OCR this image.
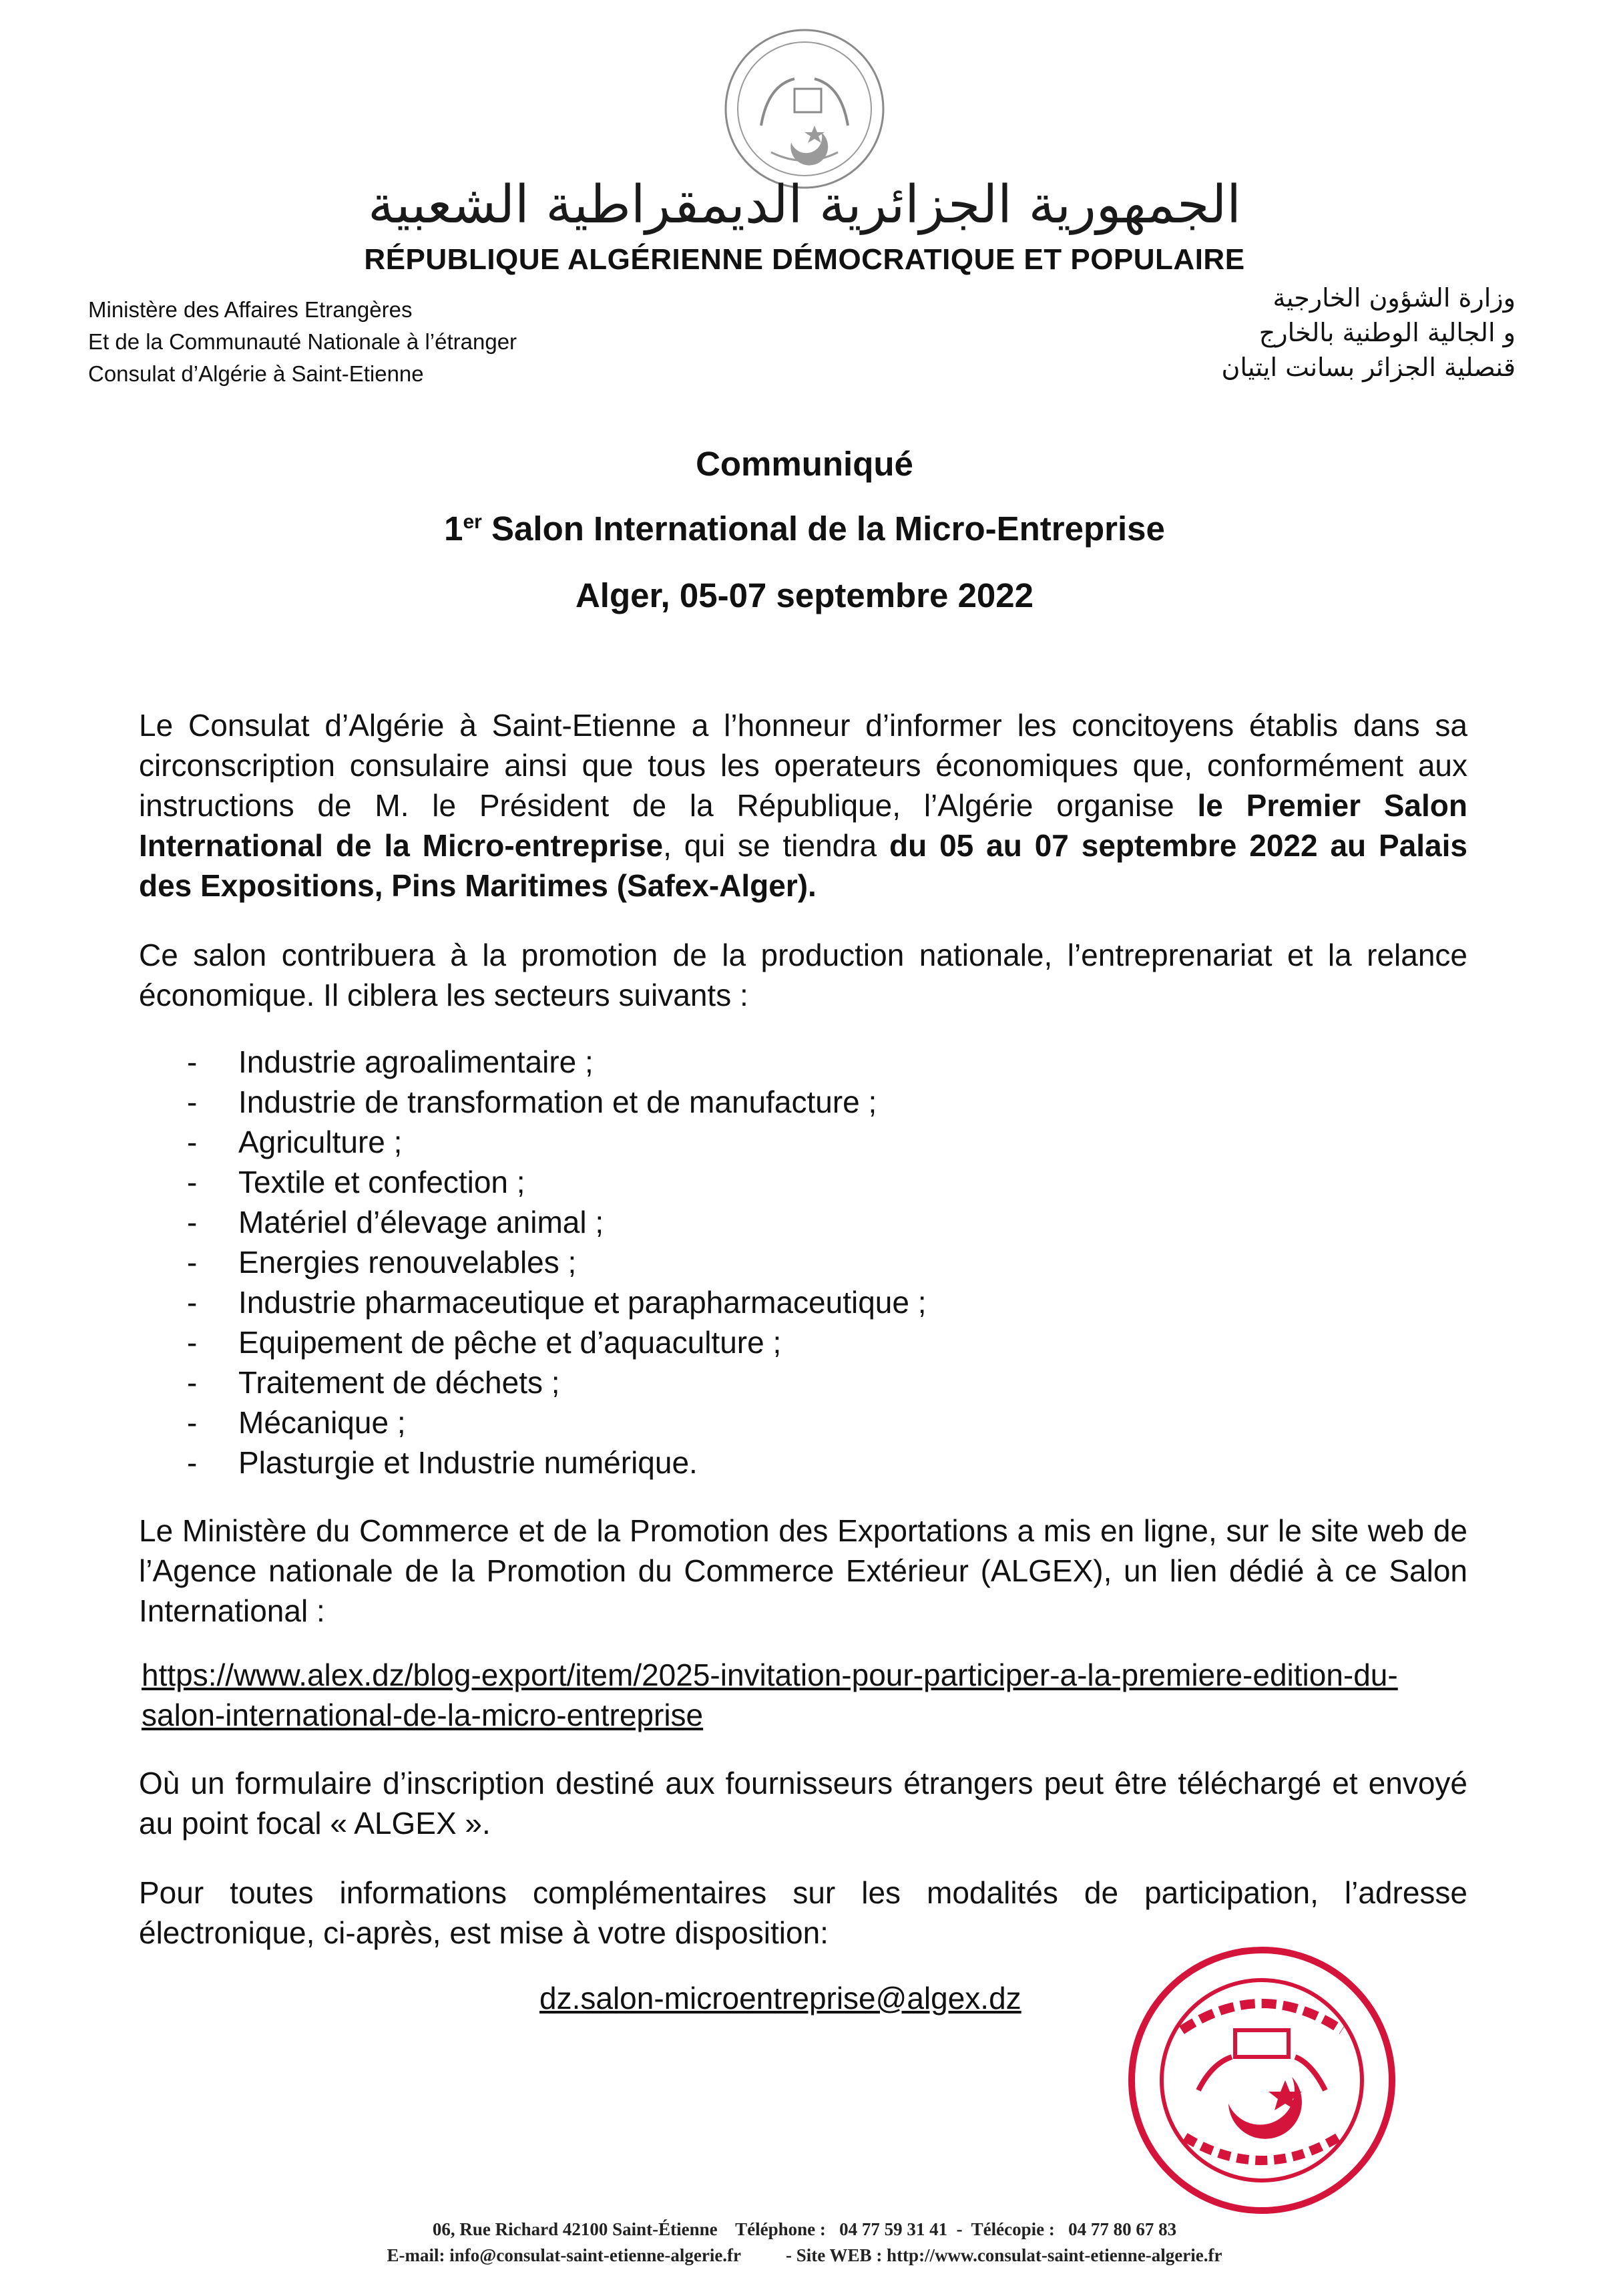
الجمهورية الجزائرية الديمقراطية الشعبية
RÉPUBLIQUE ALGÉRIENNE DÉMOCRATIQUE ET POPULAIRE
Ministère des Affaires Etrangères
Et de la Communauté Nationale à l’étranger
Consulat d’Algérie à Saint-Etienne
وزارة الشؤون الخارجية
و الجالية الوطنية بالخارج
قنصلية الجزائر بسانت ايتيان
Communiqué
1er Salon International de la Micro-Entreprise
Alger, 05-07 septembre 2022

Le Consulat d’Algérie à Saint-Etienne a l’honneur d’informer les concitoyens établis dans sa circonscription consulaire ainsi que tous les operateurs économiques que, conformément aux instructions de M. le Président de la République, l’Algérie organise le Premier Salon International de la Micro-entreprise, qui se tiendra du 05 au 07 septembre 2022 au Palais des Expositions, Pins Maritimes (Safex-Alger).

Ce salon contribuera à la promotion de la production nationale, l’entreprenariat et la relance économique. Il ciblera les secteurs suivants :

-	Industrie agroalimentaire ;
-	Industrie de transformation et de manufacture ;
-	Agriculture ;
-	Textile et confection ;
-	Matériel d’élevage animal ;
-	Energies renouvelables ;
-	Industrie pharmaceutique et parapharmaceutique ;
-	Equipement de pêche et d’aquaculture ;
-	Traitement de déchets ;
-	Mécanique ;
-	Plasturgie et Industrie numérique.

Le Ministère du Commerce et de la Promotion des Exportations a mis en ligne, sur le site web de l’Agence nationale de la Promotion du Commerce Extérieur (ALGEX), un lien dédié à ce Salon International :

https://www.alex.dz/blog-export/item/2025-invitation-pour-participer-a-la-premiere-edition-du-salon-international-de-la-micro-entreprise

Où un formulaire d’inscription destiné aux fournisseurs étrangers peut être téléchargé et envoyé au point focal « ALGEX ».

Pour toutes informations complémentaires sur les modalités de participation, l’adresse électronique, ci-après, est mise à votre disposition:

dz.salon-microentreprise@algex.dz
06, Rue Richard 42100 Saint-Étienne    Téléphone :   04 77 59 31 41  -  Télécopie :   04 77 80 67 83
E-mail: info@consulat-saint-etienne-algerie.fr          - Site WEB : http://www.consulat-saint-etienne-algerie.fr
